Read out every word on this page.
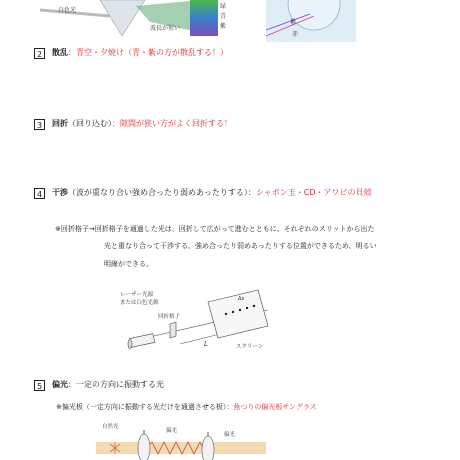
白色光
波長が短い
緑
青
紫
紫
赤
2	散乱：青空・夕焼け（青・紫の方が散乱する！）
3	回折（回り込む）：隙間が狭い方がよく回折する！
4	干渉（波が重なり合い強め合ったり弱めあったりする）：シャボン玉・CD・アワビの貝殻
※回折格子→回折格子を通過した光は、回折して広がって進むとともに、それぞれのスリットから出た
光と重なり合って干渉する。強め合ったり弱めあったりする位置ができるため、明るい
明線ができる。
L
Δx
レーザー光源
または白色光源
回折格子
スクリーン
5	偏光：一定の方向に振動する光
※偏光板（一定方向に振動する光だけを通過させる板）：魚つりの偏光板サングラス
自然光
偏光
偏光
